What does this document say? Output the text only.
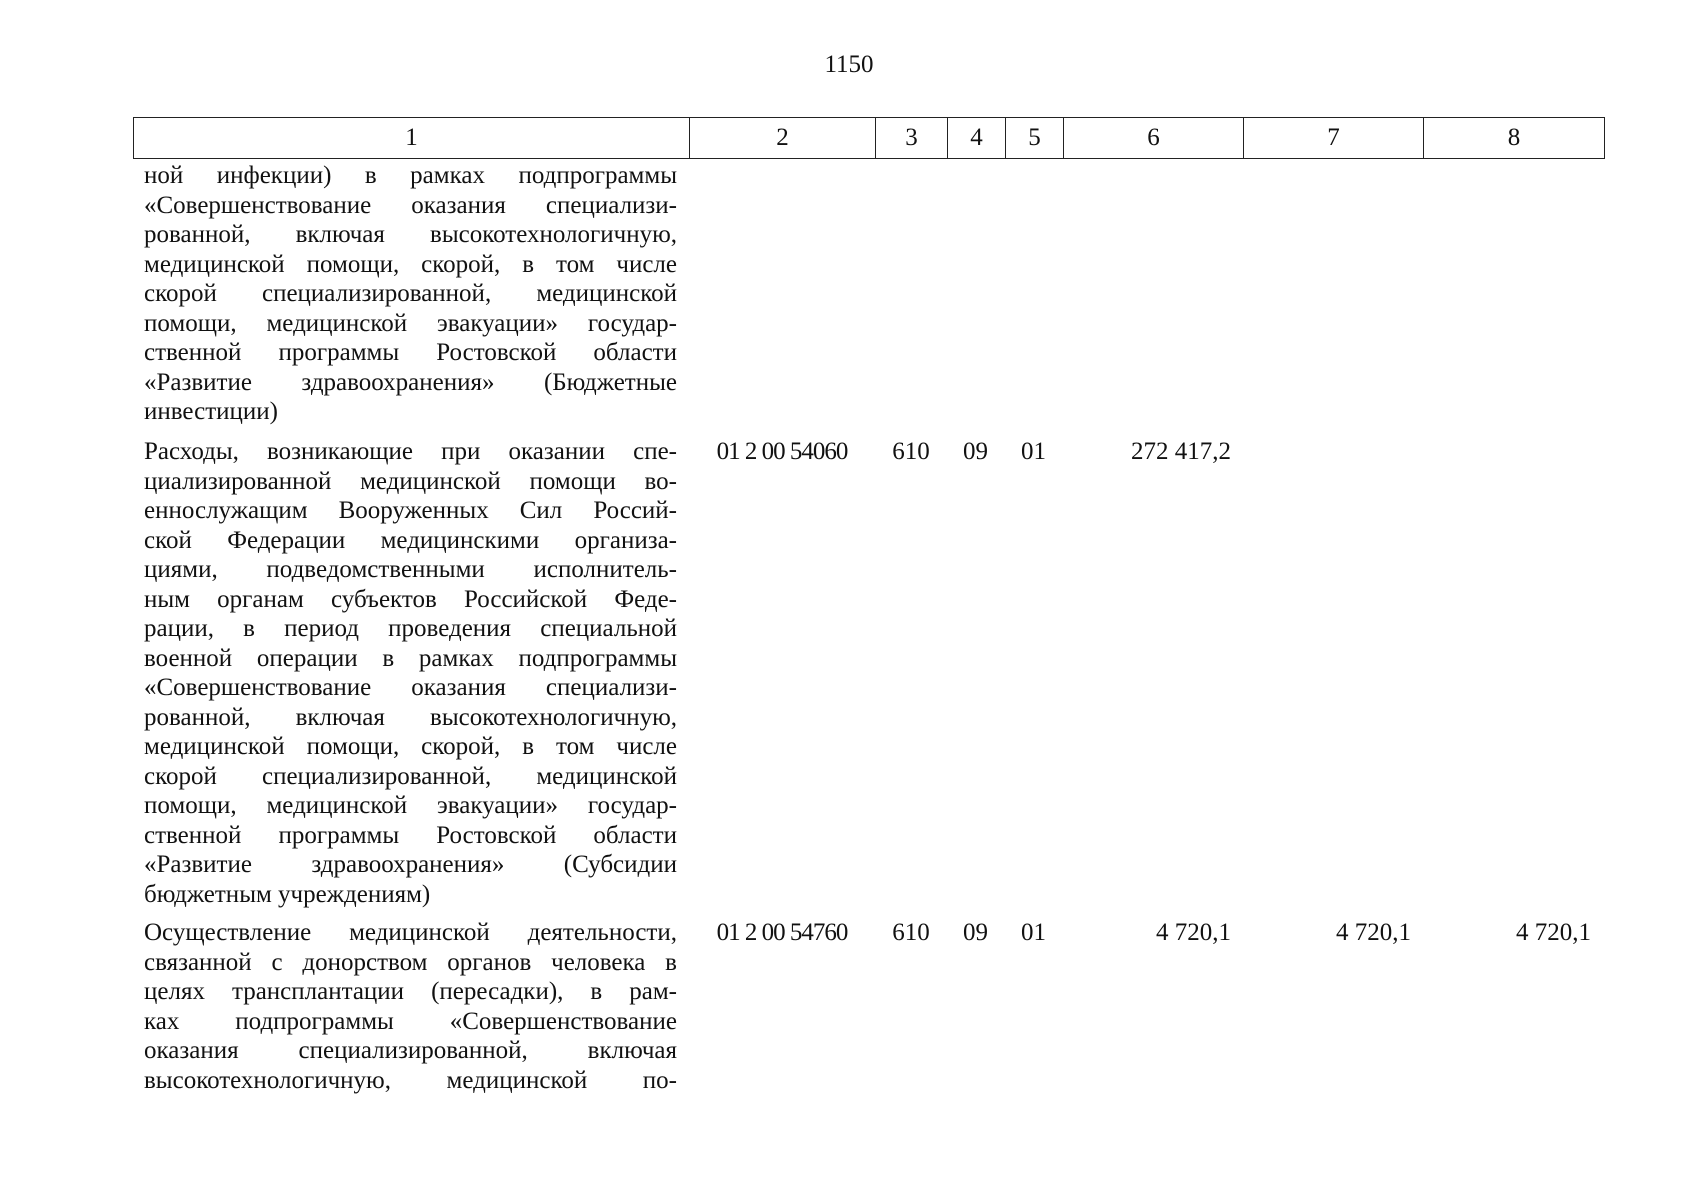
1150
1	2	3	4	5	6	7	8
ной инфекции) в рамках подпрограммы
«Совершенствование оказания специализи-
рованной, включая высокотехнологичную,
медицинской помощи, скорой, в том числе
скорой специализированной, медицинской
помощи, медицинской эвакуации» государ-
ственной программы Ростовской области
«Развитие здравоохранения» (Бюджетные
инвестиции)
Расходы, возникающие при оказании спе-
циализированной медицинской помощи во-
еннослужащим Вооруженных Сил Россий-
ской Федерации медицинскими организа-
циями, подведомственными исполнитель-
ным органам субъектов Российской Феде-
рации, в период проведения специальной
военной операции в рамках подпрограммы
«Совершенствование оказания специализи-
рованной, включая высокотехнологичную,
медицинской помощи, скорой, в том числе
скорой специализированной, медицинской
помощи, медицинской эвакуации» государ-
ственной программы Ростовской области
«Развитие здравоохранения» (Субсидии
бюджетным учреждениям)
01 2 00 54060	610	09	01	272 417,2
Осуществление медицинской деятельности,
связанной с донорством органов человека в
целях трансплантации (пересадки), в рам-
ках подпрограммы «Совершенствование
оказания специализированной, включая
высокотехнологичную, медицинской по-
01 2 00 54760	610	09	01	4 720,1	4 720,1	4 720,1
